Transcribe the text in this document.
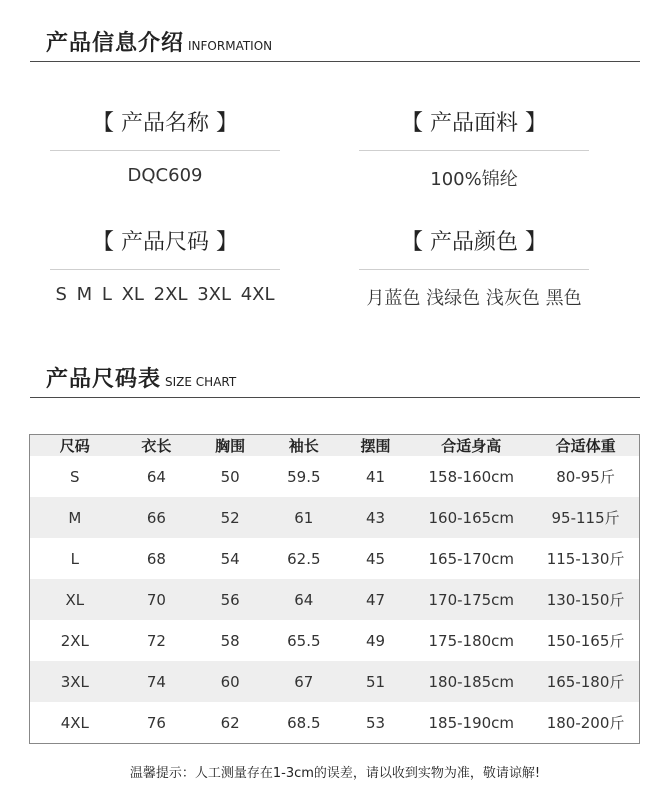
产品信息介绍 INFORMATION
【 产品名称 】
DQC609
【 产品面料 】
100%锦纶
【 产品尺码 】
S M L XL 2XL 3XL 4XL
【 产品颜色 】
月蓝色 浅绿色 浅灰色 黑色
产品尺码表 SIZE CHART
尺码	衣长	胸围	袖长	摆围	合适身高	合适体重
S	64	50	59.5	41	158-160cm	80-95斤
M	66	52	61	43	160-165cm	95-115斤
L	68	54	62.5	45	165-170cm	115-130斤
XL	70	56	64	47	170-175cm	130-150斤
2XL	72	58	65.5	49	175-180cm	150-165斤
3XL	74	60	67	51	180-185cm	165-180斤
4XL	76	62	68.5	53	185-190cm	180-200斤
温馨提示：人工测量存在1-3cm的误差，请以收到实物为准，敬请谅解!
